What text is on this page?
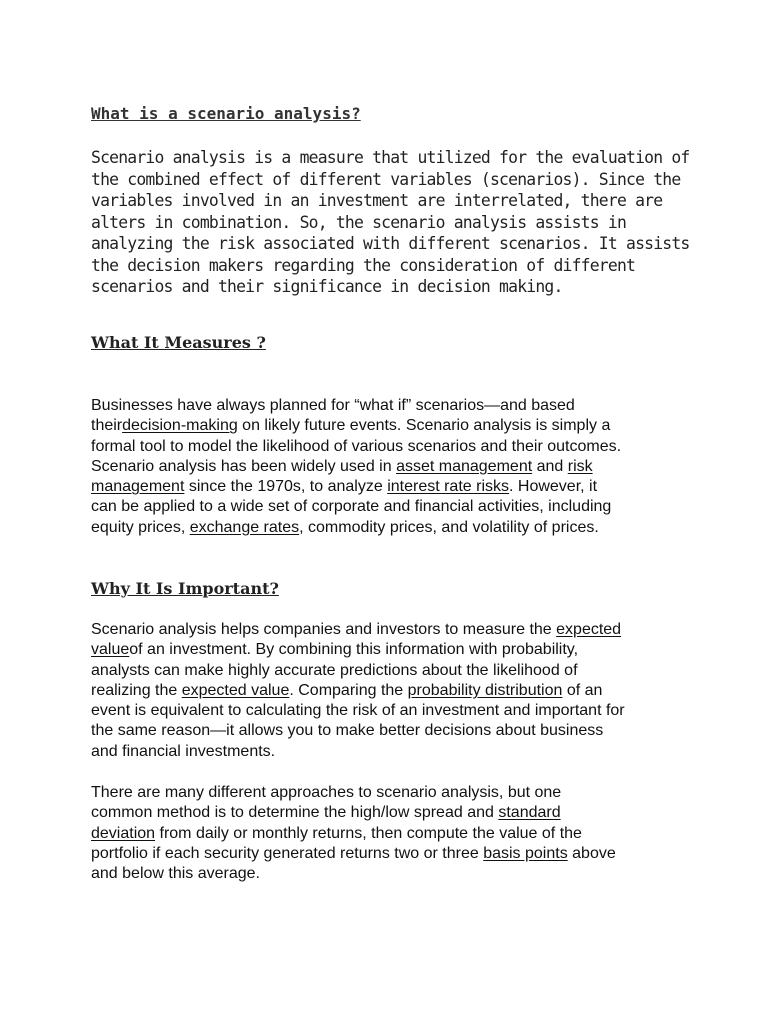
What is a scenario analysis?
Scenario analysis is a measure that utilized for the evaluation of
the combined effect of different variables (scenarios). Since the
variables involved in an investment are interrelated, there are
alters in combination. So, the scenario analysis assists in
analyzing the risk associated with different scenarios. It assists
the decision makers regarding the consideration of different
scenarios and their significance in decision making.
What It Measures ?
Businesses have always planned for “what if” scenarios—and based
theirdecision-making on likely future events. Scenario analysis is simply a
formal tool to model the likelihood of various scenarios and their outcomes.
Scenario analysis has been widely used in asset management and risk
management since the 1970s, to analyze interest rate risks. However, it
can be applied to a wide set of corporate and financial activities, including
equity prices, exchange rates, commodity prices, and volatility of prices.
Why It Is Important?
Scenario analysis helps companies and investors to measure the expected
valueof an investment. By combining this information with probability,
analysts can make highly accurate predictions about the likelihood of
realizing the expected value. Comparing the probability distribution of an
event is equivalent to calculating the risk of an investment and important for
the same reason—it allows you to make better decisions about business
and financial investments.
There are many different approaches to scenario analysis, but one
common method is to determine the high/low spread and standard
deviation from daily or monthly returns, then compute the value of the
portfolio if each security generated returns two or three basis points above
and below this average.
